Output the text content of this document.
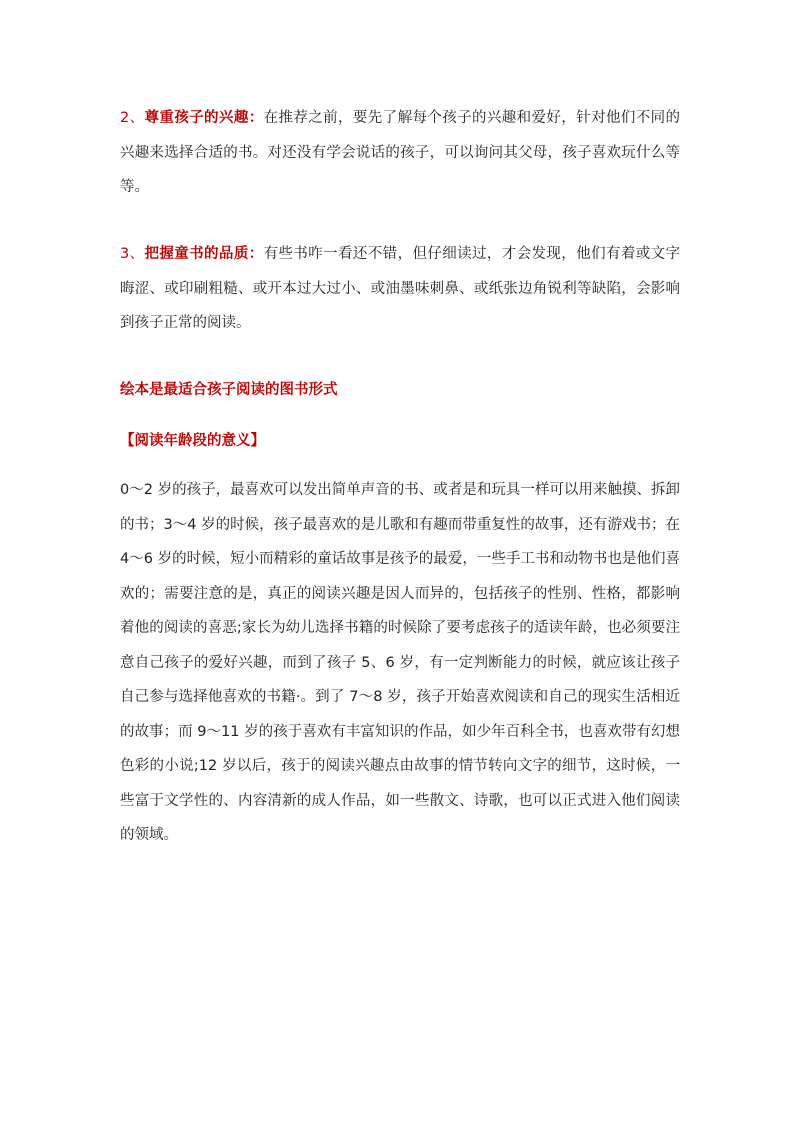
2、尊重孩子的兴趣：在推荐之前，要先了解每个孩子的兴趣和爱好，针对他们不同的兴趣来选择合适的书。对还没有学会说话的孩子，可以询问其父母，孩子喜欢玩什么等等。

3、把握童书的品质：有些书咋一看还不错，但仔细读过，才会发现，他们有着或文字晦涩、或印刷粗糙、或开本过大过小、或油墨味刺鼻、或纸张边角锐利等缺陷，会影响到孩子正常的阅读。

绘本是最适合孩子阅读的图书形式

【阅读年龄段的意义】

0～2 岁的孩子，最喜欢可以发出简单声音的书、或者是和玩具一样可以用来触摸、拆卸的书；3～4 岁的时候，孩子最喜欢的是儿歌和有趣而带重复性的故事，还有游戏书；在 4～6 岁的时候，短小而精彩的童话故事是孩予的最爱，一些手工书和动物书也是他们喜欢的；需要注意的是，真正的阅读兴趣是因人而异的，包括孩子的性别、性格，都影响着他的阅读的喜恶;家长为幼儿选择书籍的时候除了要考虑孩子的适读年龄，也必须要注意自己孩子的爱好兴趣，而到了孩子 5、6 岁，有一定判断能力的时候，就应该让孩子自己参与选择他喜欢的书籍·。到了 7～8 岁，孩子开始喜欢阅读和自己的现实生活相近的故事；而 9～11 岁的孩于喜欢有丰富知识的作品，如少年百科全书，也喜欢带有幻想色彩的小说;12 岁以后，孩于的阅读兴趣点由故事的情节转向文字的细节，这时候，一些富于文学性的、内容清新的成人作品，如一些散文、诗歌，也可以正式进入他们阅读的领域。
